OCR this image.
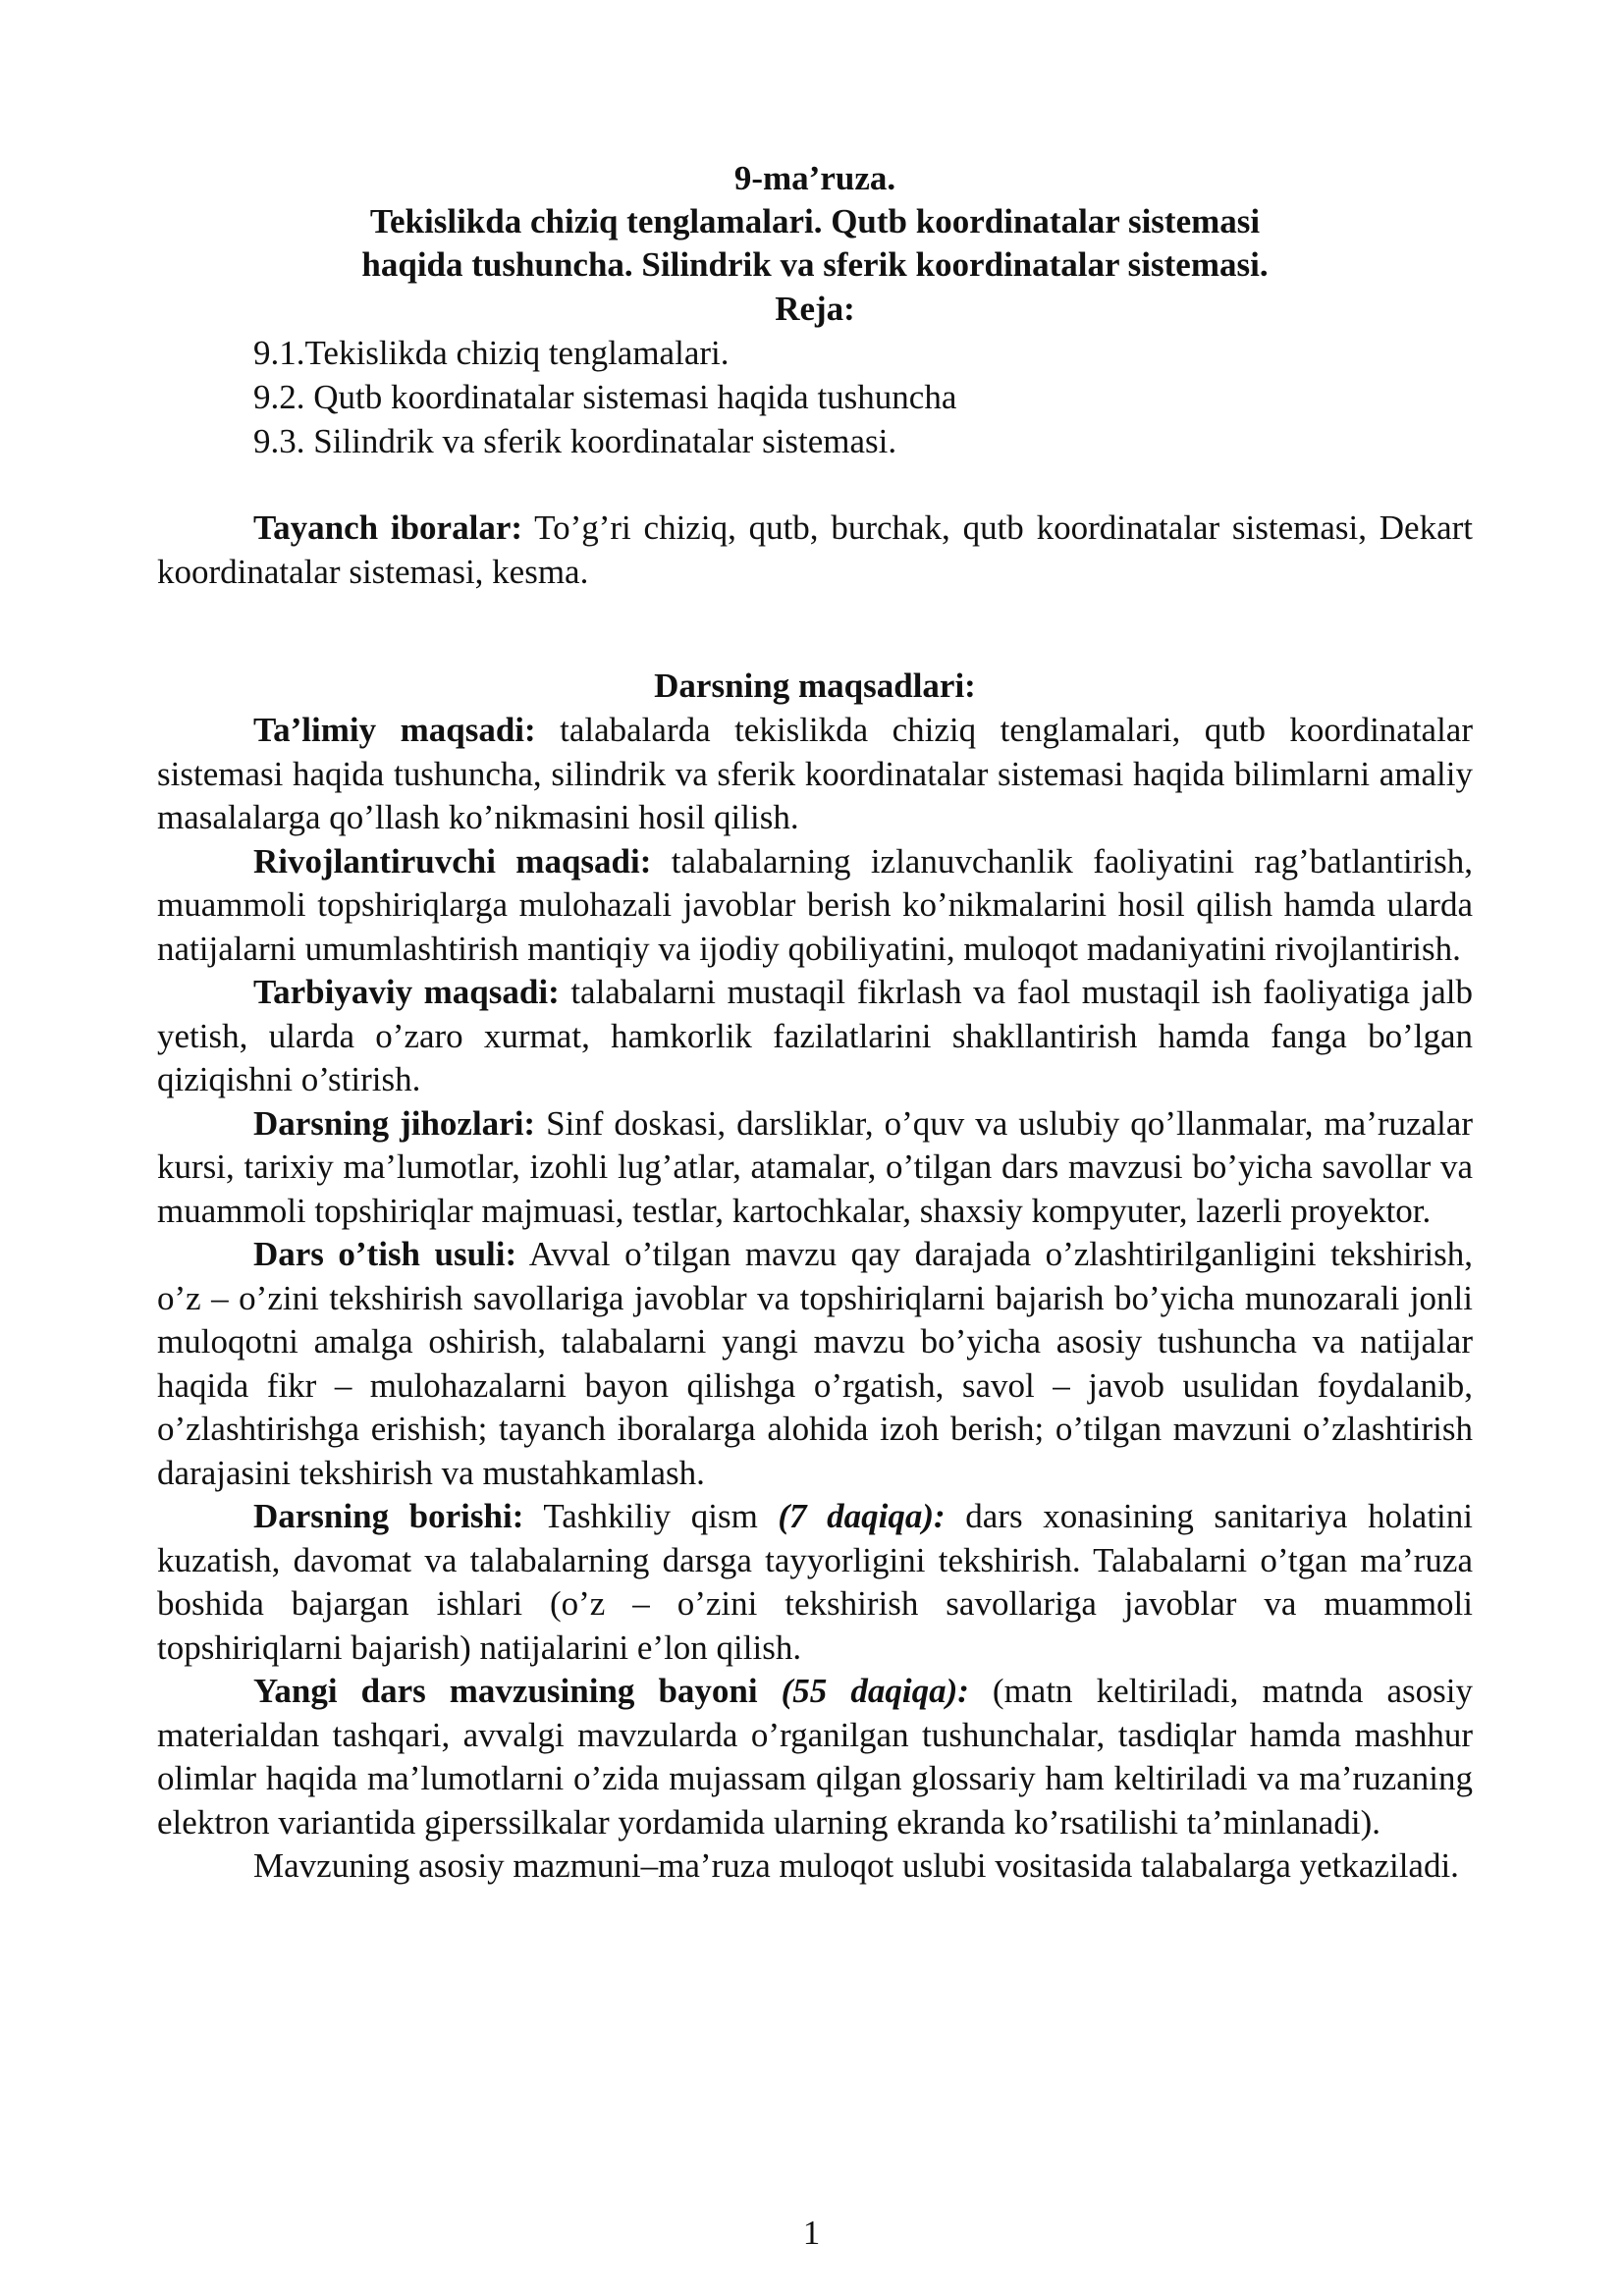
9-ma’ruza.
Tekislikda chiziq tenglamalari. Qutb koordinatalar sistemasi
haqida tushuncha. Silindrik va sferik koordinatalar sistemasi.
Reja:
9.1.Tekislikda chiziq tenglamalari.
9.2. Qutb koordinatalar sistemasi haqida tushuncha
9.3. Silindrik va sferik koordinatalar sistemasi.

Tayanch iboralar: To’g’ri chiziq, qutb, burchak, qutb koordinatalar sistemasi, Dekart koordinatalar sistemasi, kesma.

Darsning maqsadlari:

Ta’limiy maqsadi: talabalarda tekislikda chiziq tenglamalari, qutb koordinatalar sistemasi haqida tushuncha, silindrik va sferik koordinatalar sistemasi haqida bilimlarni amaliy masalalarga qo’llash ko’nikmasini hosil qilish.

Rivojlantiruvchi maqsadi: talabalarning izlanuvchanlik faoliyatini rag’batlantirish, muammoli topshiriqlarga mulohazali javoblar berish ko’nikmalarini hosil qilish hamda ularda natijalarni umumlashtirish mantiqiy va ijodiy qobiliyatini, muloqot madaniyatini rivojlantirish.

Tarbiyaviy maqsadi: talabalarni mustaqil fikrlash va faol mustaqil ish faoliyatiga jalb yetish, ularda o’zaro xurmat, hamkorlik fazilatlarini shakllantirish hamda fanga bo’lgan qiziqishni o’stirish.

Darsning jihozlari: Sinf doskasi, darsliklar, o’quv va uslubiy qo’llanmalar, ma’ruzalar kursi, tarixiy ma’lumotlar, izohli lug’atlar, atamalar, o’tilgan dars mavzusi bo’yicha savollar va muammoli topshiriqlar majmuasi, testlar, kartochkalar, shaxsiy kompyuter, lazerli proyektor.

Dars o’tish usuli: Avval o’tilgan mavzu qay darajada o’zlashtirilganligini tekshirish, o’z – o’zini tekshirish savollariga javoblar va topshiriqlarni bajarish bo’yicha munozarali jonli muloqotni amalga oshirish, talabalarni yangi mavzu bo’yicha asosiy tushuncha va natijalar haqida fikr – mulohazalarni bayon qilishga o’rgatish, savol – javob usulidan foydalanib, o’zlashtirishga erishish; tayanch iboralarga alohida izoh berish; o’tilgan mavzuni o’zlashtirish darajasini tekshirish va mustahkamlash.

Darsning borishi: Tashkiliy qism (7 daqiqa): dars xonasining sanitariya holatini kuzatish, davomat va talabalarning darsga tayyorligini tekshirish. Talabalarni o’tgan ma’ruza boshida bajargan ishlari (o’z – o’zini tekshirish savollariga javoblar va muammoli topshiriqlarni bajarish) natijalarini e’lon qilish.

Yangi dars mavzusining bayoni (55 daqiqa): (matn keltiriladi, matnda asosiy materialdan tashqari, avvalgi mavzularda o’rganilgan tushunchalar, tasdiqlar hamda mashhur olimlar haqida ma’lumotlarni o’zida mujassam qilgan glossariy ham keltiriladi va ma’ruzaning elektron variantida giperssilkalar yordamida ularning ekranda ko’rsatilishi ta’minlanadi).

Mavzuning asosiy mazmuni–ma’ruza muloqot uslubi vositasida talabalarga yetkaziladi.

1
